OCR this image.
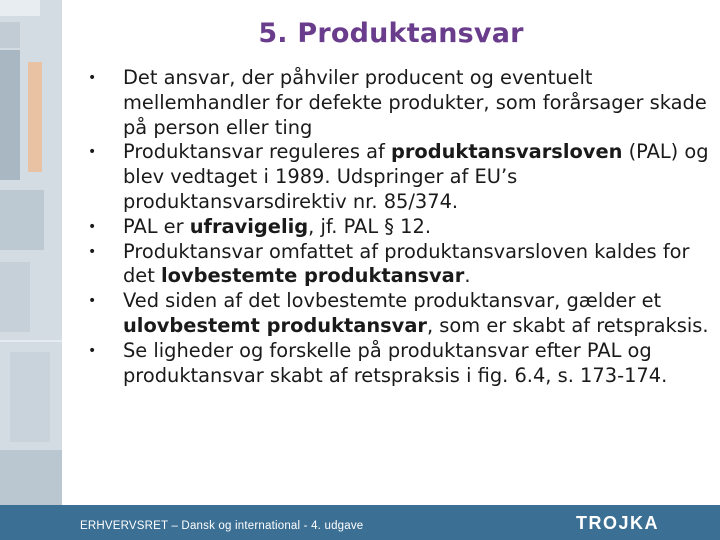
5. Produktansvar
• Det ansvar, der påhviler producent og eventuelt mellemhandler for defekte produkter, som forårsager skade på person eller ting
• Produktansvar reguleres af produktansvarsloven (PAL) og blev vedtaget i 1989. Udspringer af EU’s produktansvarsdirektiv nr. 85/374.
• PAL er ufravigelig, jf. PAL § 12.
• Produktansvar omfattet af produktansvarsloven kaldes for det lovbestemte produktansvar.
• Ved siden af det lovbestemte produktansvar, gælder et ulovbestemt produktansvar, som er skabt af retspraksis.
• Se ligheder og forskelle på produktansvar efter PAL og produktansvar skabt af retspraksis i fig. 6.4, s. 173-174.
ERHVERVSRET – Dansk og international - 4. udgave	TROJKA
